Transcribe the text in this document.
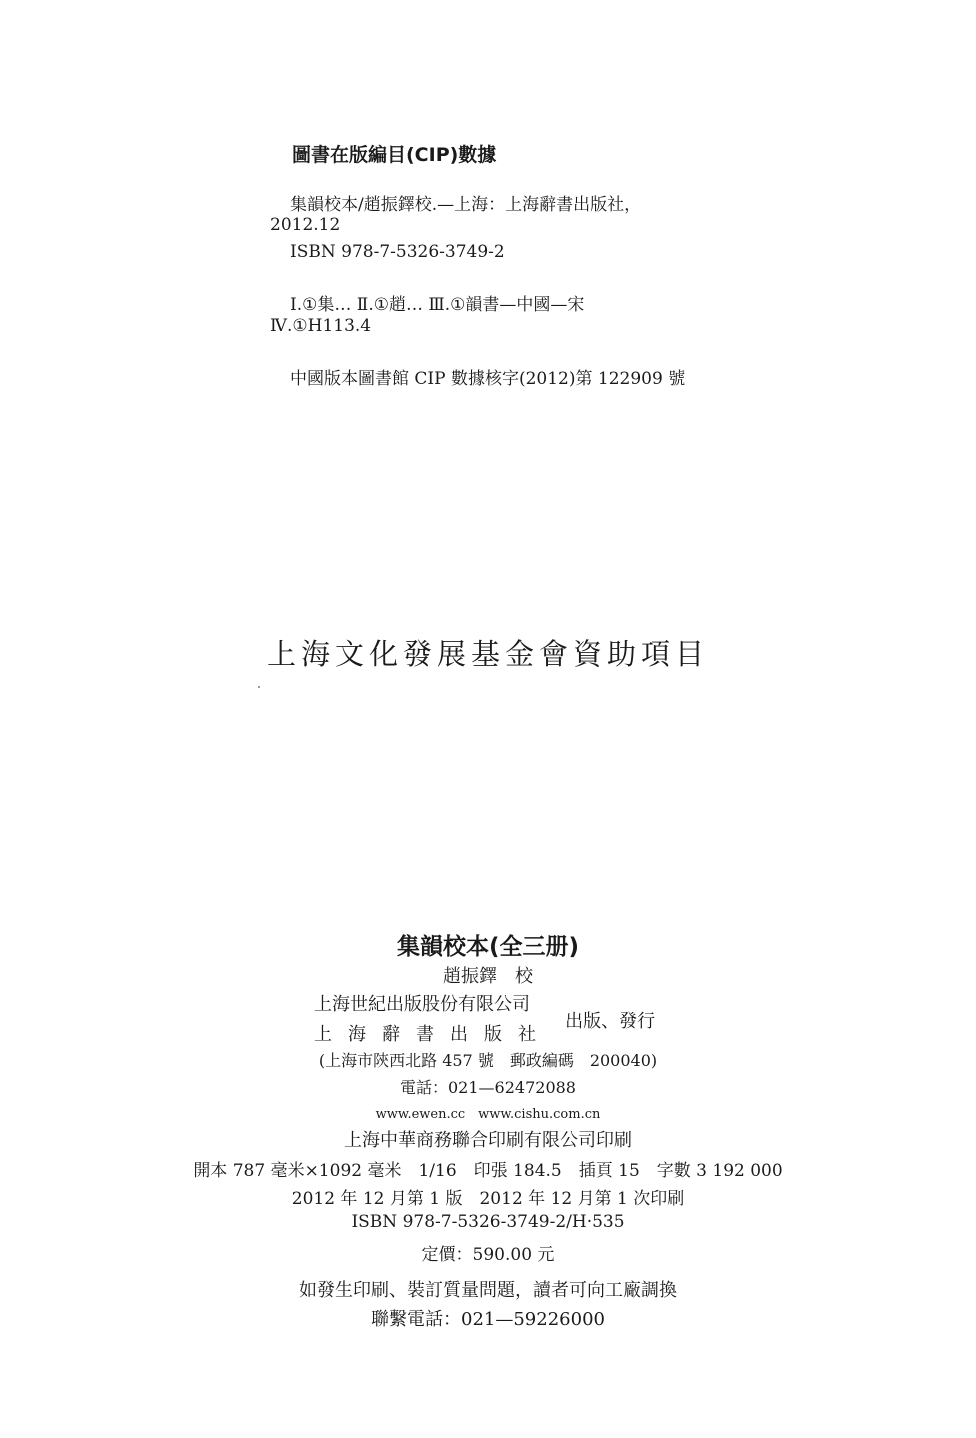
圖書在版編目(CIP)數據
集韻校本/趙振鐸校.—上海：上海辭書出版社，
2012.12
ISBN 978-7-5326-3749-2
Ⅰ.①集… Ⅱ.①趙… Ⅲ.①韻書—中國—宋
Ⅳ.①H113.4
中國版本圖書館 CIP 數據核字(2012)第 122909 號
上海文化發展基金會資助項目
集韻校本(全三册)
趙振鐸　校
上海世紀出版股份有限公司
上海辭書出版社
出版、發行
(上海市陝西北路 457 號　郵政編碼　200040)
電話：021—62472088
www.ewen.cc　www.cishu.com.cn
上海中華商務聯合印刷有限公司印刷
開本 787 毫米×1092 毫米　1/16　印張 184.5　插頁 15　字數 3 192 000
2012 年 12 月第 1 版　2012 年 12 月第 1 次印刷
ISBN 978-7-5326-3749-2/H·535
定價：590.00 元
如發生印刷、裝訂質量問題，讀者可向工廠調換
聯繫電話：021—59226000
